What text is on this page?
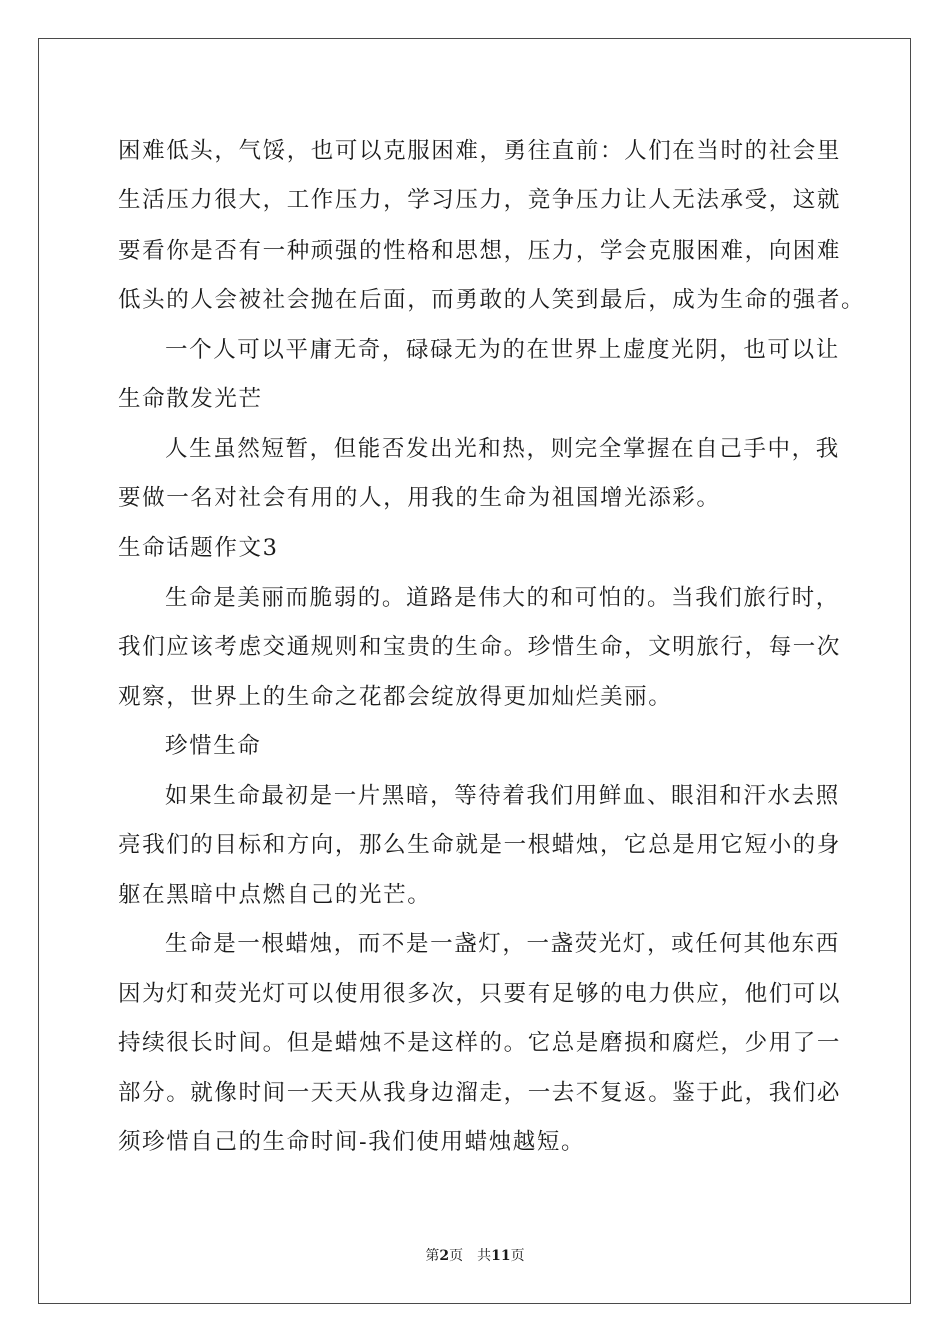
困难低头，气馁，也可以克服困难，勇往直前：人们在当时的社会里
生活压力很大，工作压力，学习压力，竞争压力让人无法承受，这就
要看你是否有一种顽强的性格和思想，压力，学会克服困难，向困难
低头的人会被社会抛在后面，而勇敢的人笑到最后，成为生命的强者。
一个人可以平庸无奇，碌碌无为的在世界上虚度光阴，也可以让
生命散发光芒
人生虽然短暂，但能否发出光和热，则完全掌握在自己手中，我
要做一名对社会有用的人，用我的生命为祖国增光添彩。
生命话题作文3
生命是美丽而脆弱的。道路是伟大的和可怕的。当我们旅行时，
我们应该考虑交通规则和宝贵的生命。珍惜生命，文明旅行，每一次
观察，世界上的生命之花都会绽放得更加灿烂美丽。
珍惜生命
如果生命最初是一片黑暗，等待着我们用鲜血、眼泪和汗水去照
亮我们的目标和方向，那么生命就是一根蜡烛，它总是用它短小的身
躯在黑暗中点燃自己的光芒。
生命是一根蜡烛，而不是一盏灯，一盏荧光灯，或任何其他东西
因为灯和荧光灯可以使用很多次，只要有足够的电力供应，他们可以
持续很长时间。但是蜡烛不是这样的。它总是磨损和腐烂，少用了一
部分。就像时间一天天从我身边溜走，一去不复返。鉴于此，我们必
须珍惜自己的生命时间-我们使用蜡烛越短。
第2页 共11页
